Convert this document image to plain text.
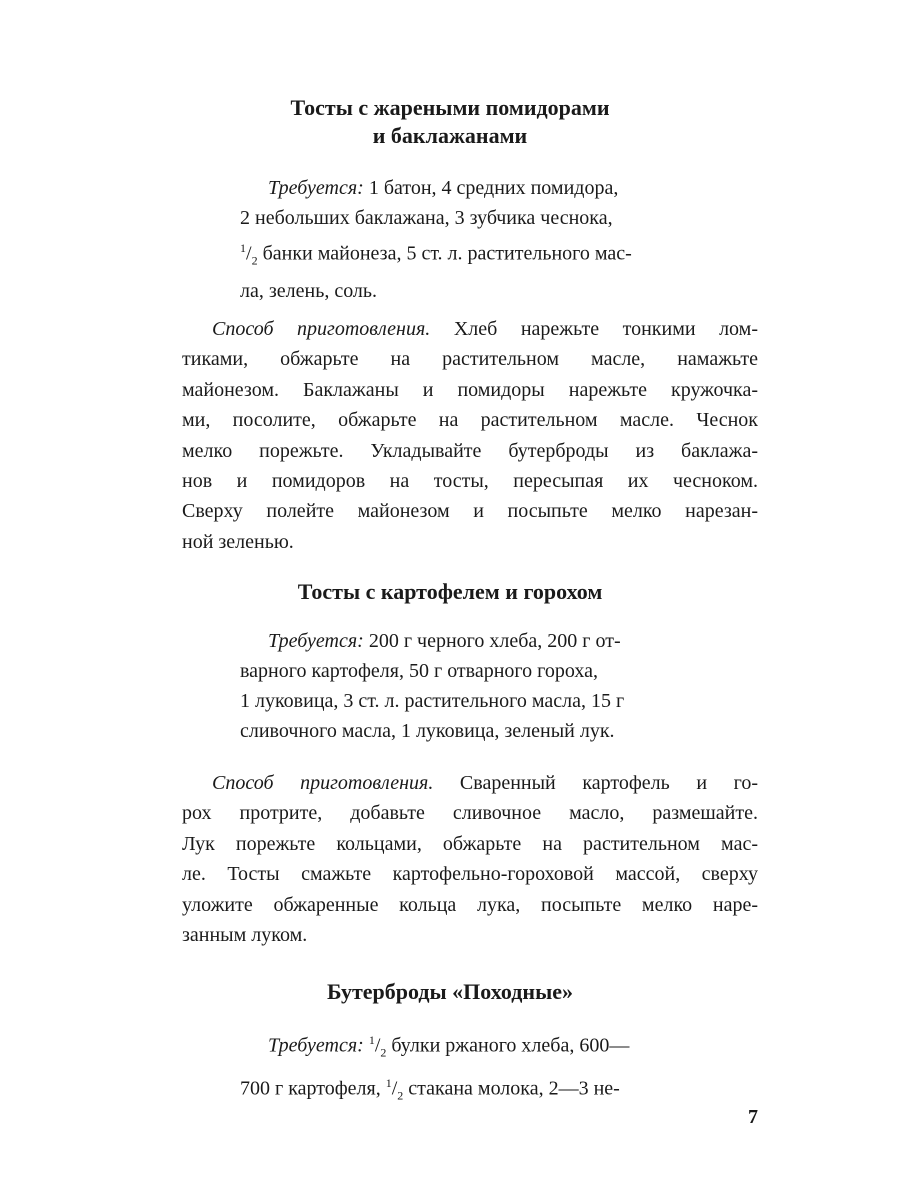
Тосты с жареными помидорами
и баклажанами
Требуется: 1 батон, 4 средних помидора,
2 небольших баклажана, 3 зубчика чеснока,
$^1/_2$ банки майонеза, 5 ст. л. растительного мас-
ла, зелень, соль.
Способ приготовления. Хлеб нарежьте тонкими лом-
тиками, обжарьте на растительном масле, намажьте
майонезом. Баклажаны и помидоры нарежьте кружочка-
ми, посолите, обжарьте на растительном масле. Чеснок
мелко порежьте. Укладывайте бутерброды из баклажа-
нов и помидоров на тосты, пересыпая их чесноком.
Сверху полейте майонезом и посыпьте мелко нарезан-
ной зеленью.
Тосты с картофелем и горохом
Требуется: 200 г черного хлеба, 200 г от-
варного картофеля, 50 г отварного гороха,
1 луковица, 3 ст. л. растительного масла, 15 г
сливочного масла, 1 луковица, зеленый лук.
Способ приготовления. Сваренный картофель и го-
рох протрите, добавьте сливочное масло, размешайте.
Лук порежьте кольцами, обжарьте на растительном мас-
ле. Тосты смажьте картофельно-гороховой массой, сверху
уложите обжаренные кольца лука, посыпьте мелко наре-
занным луком.
Бутерброды «Походные»
Требуется: $^1/_2$ булки ржаного хлеба, 600—
700 г картофеля, $^1/_2$ стакана молока, 2—3 не-
7
